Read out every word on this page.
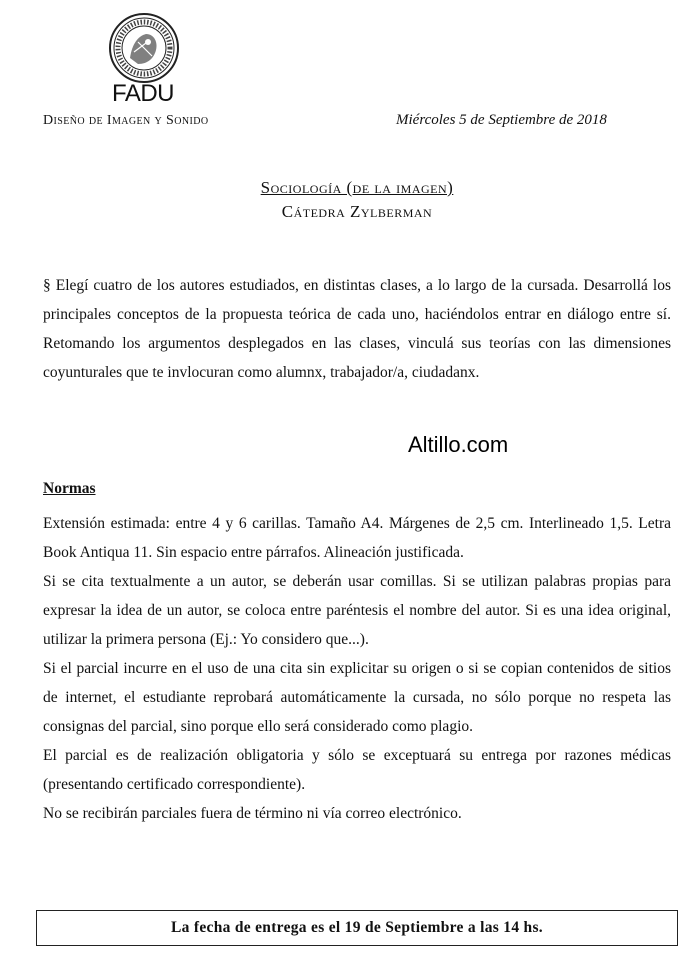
FADU
Diseño de Imagen y Sonido	Miércoles 5 de Septiembre de 2018
Sociología (de la imagen)
Cátedra Zylberman
§ Elegí cuatro de los autores estudiados, en distintas clases, a lo largo de la cursada. Desarrollá los principales conceptos de la propuesta teórica de cada uno, haciéndolos entrar en diálogo entre sí. Retomando los argumentos desplegados en las clases, vinculá sus teorías con las dimensiones coyunturales que te invlocuran como alumnx, trabajador/a, ciudadanx.
Altillo.com
Normas

Extensión estimada: entre 4 y 6 carillas. Tamaño A4. Márgenes de 2,5 cm. Interlineado 1,5. Letra Book Antiqua 11. Sin espacio entre párrafos. Alineación justificada.

Si se cita textualmente a un autor, se deberán usar comillas. Si se utilizan palabras propias para expresar la idea de un autor, se coloca entre paréntesis el nombre del autor. Si es una idea original, utilizar la primera persona (Ej.: Yo considero que...).

Si el parcial incurre en el uso de una cita sin explicitar su origen o si se copian contenidos de sitios de internet, el estudiante reprobará automáticamente la cursada, no sólo porque no respeta las consignas del parcial, sino porque ello será considerado como plagio.

El parcial es de realización obligatoria y sólo se exceptuará su entrega por razones médicas (presentando certificado correspondiente).

No se recibirán parciales fuera de término ni vía correo electrónico.

La fecha de entrega es el 19 de Septiembre a las 14 hs.
